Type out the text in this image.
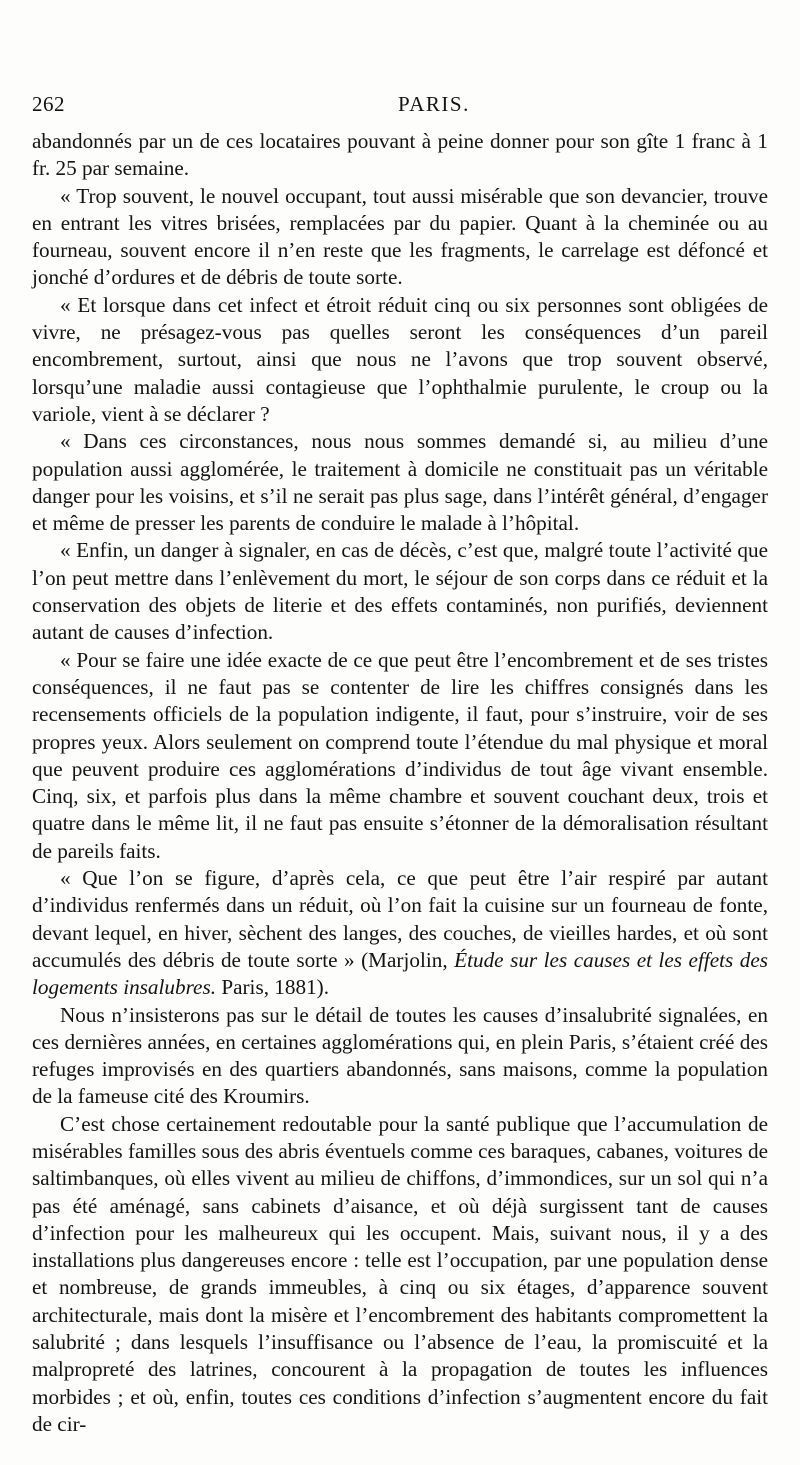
262	PARIS.

abandonnés par un de ces locataires pouvant à peine donner pour son gîte 1 franc à 1 fr. 25 par semaine.

« Trop souvent, le nouvel occupant, tout aussi misérable que son devancier, trouve en entrant les vitres brisées, remplacées par du papier. Quant à la cheminée ou au fourneau, souvent encore il n’en reste que les fragments, le carrelage est défoncé et jonché d’ordures et de débris de toute sorte.

« Et lorsque dans cet infect et étroit réduit cinq ou six personnes sont obligées de vivre, ne présagez-vous pas quelles seront les conséquences d’un pareil encombrement, surtout, ainsi que nous ne l’avons que trop souvent observé, lorsqu’une maladie aussi contagieuse que l’ophthalmie purulente, le croup ou la variole, vient à se déclarer ?

« Dans ces circonstances, nous nous sommes demandé si, au milieu d’une population aussi agglomérée, le traitement à domicile ne constituait pas un véritable danger pour les voisins, et s’il ne serait pas plus sage, dans l’intérêt général, d’engager et même de presser les parents de conduire le malade à l’hôpital.

« Enfin, un danger à signaler, en cas de décès, c’est que, malgré toute l’activité que l’on peut mettre dans l’enlèvement du mort, le séjour de son corps dans ce réduit et la conservation des objets de literie et des effets contaminés, non purifiés, deviennent autant de causes d’infection.

« Pour se faire une idée exacte de ce que peut être l’encombrement et de ses tristes conséquences, il ne faut pas se contenter de lire les chiffres consignés dans les recensements officiels de la population indigente, il faut, pour s’instruire, voir de ses propres yeux. Alors seulement on comprend toute l’étendue du mal physique et moral que peuvent produire ces agglomérations d’individus de tout âge vivant ensemble. Cinq, six, et parfois plus dans la même chambre et souvent couchant deux, trois et quatre dans le même lit, il ne faut pas ensuite s’étonner de la démoralisation résultant de pareils faits.

« Que l’on se figure, d’après cela, ce que peut être l’air respiré par autant d’individus renfermés dans un réduit, où l’on fait la cuisine sur un fourneau de fonte, devant lequel, en hiver, sèchent des langes, des couches, de vieilles hardes, et où sont accumulés des débris de toute sorte » (Marjolin, Étude sur les causes et les effets des logements insalubres. Paris, 1881).

Nous n’insisterons pas sur le détail de toutes les causes d’insalubrité signalées, en ces dernières années, en certaines agglomérations qui, en plein Paris, s’étaient créé des refuges improvisés en des quartiers abandonnés, sans maisons, comme la population de la fameuse cité des Kroumirs.

C’est chose certainement redoutable pour la santé publique que l’accumulation de misérables familles sous des abris éventuels comme ces baraques, cabanes, voitures de saltimbanques, où elles vivent au milieu de chiffons, d’immondices, sur un sol qui n’a pas été aménagé, sans cabinets d’aisance, et où déjà surgissent tant de causes d’infection pour les malheureux qui les occupent. Mais, suivant nous, il y a des installations plus dangereuses encore : telle est l’occupation, par une population dense et nombreuse, de grands immeubles, à cinq ou six étages, d’apparence souvent architecturale, mais dont la misère et l’encombrement des habitants compromettent la salubrité ; dans lesquels l’insuffisance ou l’absence de l’eau, la promiscuité et la malpropreté des latrines, concourent à la propagation de toutes les influences morbides ; et où, enfin, toutes ces conditions d’infection s’augmentent encore du fait de cir-
